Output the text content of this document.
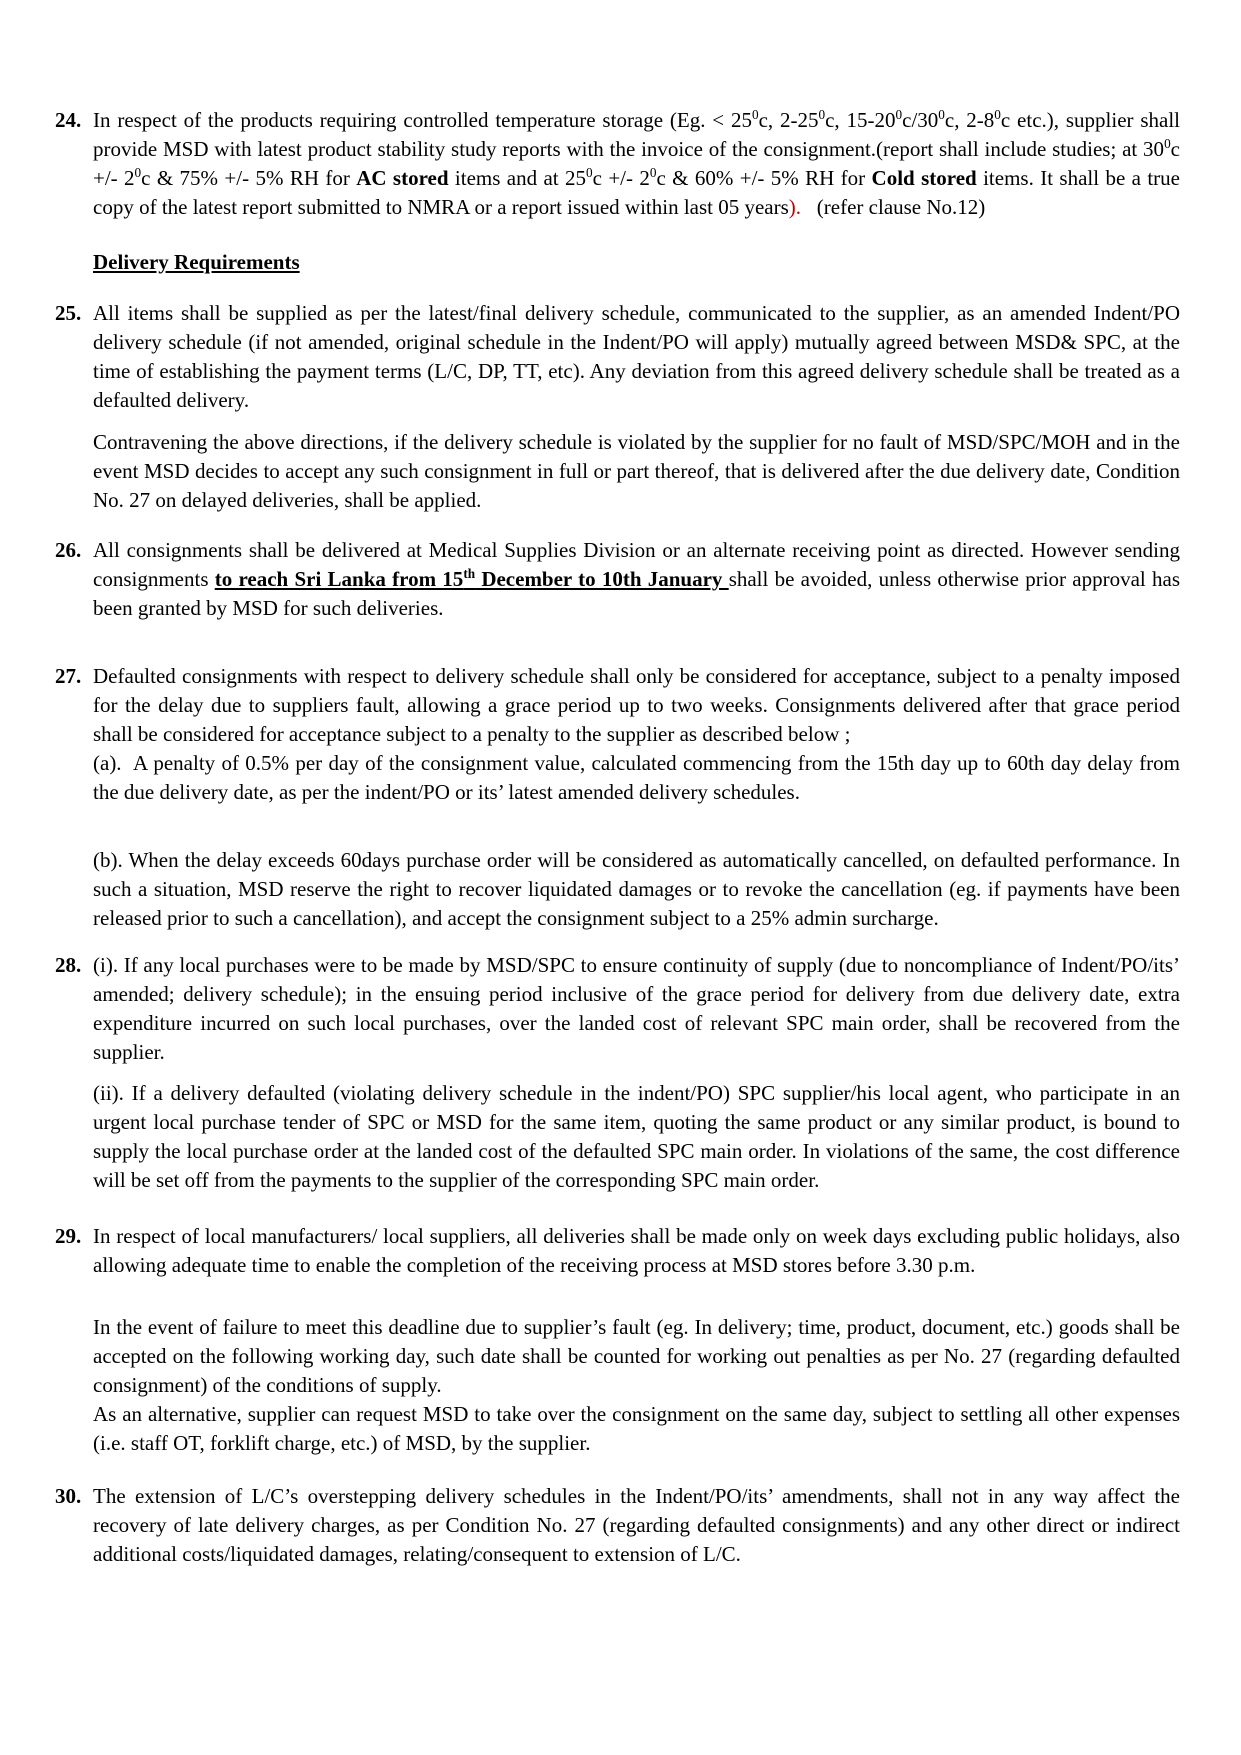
24. In respect of the products requiring controlled temperature storage (Eg. < $25^0c$, $2-25^0c$, $15-20^0c/30^0c$, $2-8^0c$ etc.), supplier shall provide MSD with latest product stability study reports with the invoice of the consignment.(report shall include studies; at $30^0c$ +/- $2^0c$ & 75% +/- 5% RH for AC stored items and at $25^0c$ +/- $2^0c$ & 60% +/- 5% RH for Cold stored items. It shall be a true copy of the latest report submitted to NMRA or a report issued within last 05 years).   (refer clause No.12)
Delivery Requirements
25. All items shall be supplied as per the latest/final delivery schedule, communicated to the supplier, as an amended Indent/PO delivery schedule (if not amended, original schedule in the Indent/PO will apply) mutually agreed between MSD& SPC, at the time of establishing the payment terms (L/C, DP, TT, etc). Any deviation from this agreed delivery schedule shall be treated as a defaulted delivery.
Contravening the above directions, if the delivery schedule is violated by the supplier for no fault of MSD/SPC/MOH and in the event MSD decides to accept any such consignment in full or part thereof, that is delivered after the due delivery date, Condition No. 27 on delayed deliveries, shall be applied.
26. All consignments shall be delivered at Medical Supplies Division or an alternate receiving point as directed. However sending consignments to reach Sri Lanka from 15th December to 10th January shall be avoided, unless otherwise prior approval has been granted by MSD for such deliveries.
27. Defaulted consignments with respect to delivery schedule shall only be considered for acceptance, subject to a penalty imposed for the delay due to suppliers fault, allowing a grace period up to two weeks. Consignments delivered after that grace period shall be considered for acceptance subject to a penalty to the supplier as described below ;
(a).  A penalty of 0.5% per day of the consignment value, calculated commencing from the 15th day up to 60th day delay from the due delivery date, as per the indent/PO or its’ latest amended delivery schedules.
(b). When the delay exceeds 60days purchase order will be considered as automatically cancelled, on defaulted performance. In such a situation, MSD reserve the right to recover liquidated damages or to revoke the cancellation (eg. if payments have been released prior to such a cancellation), and accept the consignment subject to a 25% admin surcharge.
28. (i). If any local purchases were to be made by MSD/SPC to ensure continuity of supply (due to noncompliance of Indent/PO/its’ amended; delivery schedule); in the ensuing period inclusive of the grace period for delivery from due delivery date, extra expenditure incurred on such local purchases, over the landed cost of relevant SPC main order, shall be recovered from the supplier.
(ii). If a delivery defaulted (violating delivery schedule in the indent/PO) SPC supplier/his local agent, who participate in an urgent local purchase tender of SPC or MSD for the same item, quoting the same product or any similar product, is bound to supply the local purchase order at the landed cost of the defaulted SPC main order. In violations of the same, the cost difference will be set off from the payments to the supplier of the corresponding SPC main order.
29. In respect of local manufacturers/ local suppliers, all deliveries shall be made only on week days excluding public holidays, also allowing adequate time to enable the completion of the receiving process at MSD stores before 3.30 p.m.
In the event of failure to meet this deadline due to supplier’s fault (eg. In delivery; time, product, document, etc.) goods shall be accepted on the following working day, such date shall be counted for working out penalties as per No. 27 (regarding defaulted consignment) of the conditions of supply.
As an alternative, supplier can request MSD to take over the consignment on the same day, subject to settling all other expenses (i.e. staff OT, forklift charge, etc.) of MSD, by the supplier.
30. The extension of L/C’s overstepping delivery schedules in the Indent/PO/its’ amendments, shall not in any way affect the recovery of late delivery charges, as per Condition No. 27 (regarding defaulted consignments) and any other direct or indirect additional costs/liquidated damages, relating/consequent to extension of L/C.
